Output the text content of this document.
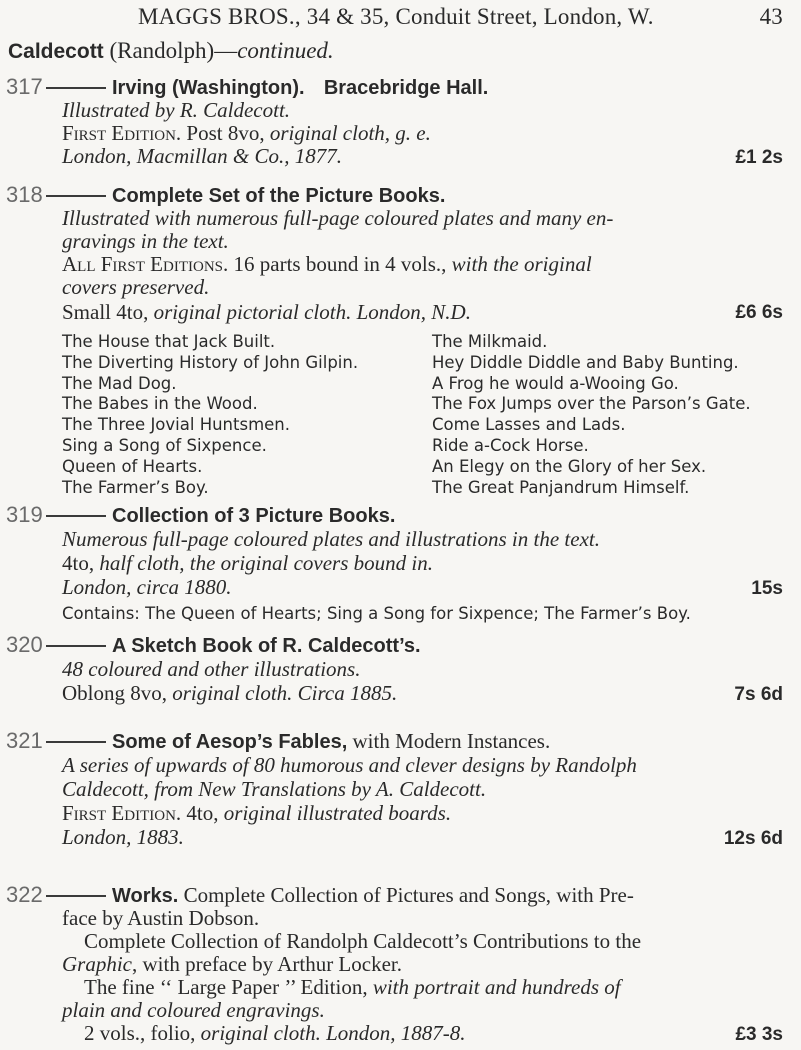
MAGGS BROS., 34 & 35, Conduit Street, London, W.	43
Caldecott (Randolph)—continued.
317	Irving (Washington). Bracebridge Hall.
Illustrated by R. Caldecott.
First Edition. Post 8vo, original cloth, g. e.
London, Macmillan & Co., 1877.	£1 2s
318	Complete Set of the Picture Books.
Illustrated with numerous full-page coloured plates and many en-
gravings in the text.
All First Editions. 16 parts bound in 4 vols., with the original
covers preserved.
Small 4to, original pictorial cloth. London, N.D.	£6 6s
The House that Jack Built.
The Diverting History of John Gilpin.
The Mad Dog.
The Babes in the Wood.
The Three Jovial Huntsmen.
Sing a Song of Sixpence.
Queen of Hearts.
The Farmer’s Boy.
The Milkmaid.
Hey Diddle Diddle and Baby Bunting.
A Frog he would a-Wooing Go.
The Fox Jumps over the Parson’s Gate.
Come Lasses and Lads.
Ride a-Cock Horse.
An Elegy on the Glory of her Sex.
The Great Panjandrum Himself.
319	Collection of 3 Picture Books.
Numerous full-page coloured plates and illustrations in the text.
4to, half cloth, the original covers bound in.
London, circa 1880.	15s
Contains: The Queen of Hearts; Sing a Song for Sixpence; The Farmer’s Boy.
320	A Sketch Book of R. Caldecott’s.
48 coloured and other illustrations.
Oblong 8vo, original cloth. Circa 1885.	7s 6d
321	Some of Aesop’s Fables, with Modern Instances.
A series of upwards of 80 humorous and clever designs by Randolph
Caldecott, from New Translations by A. Caldecott.
First Edition. 4to, original illustrated boards.
London, 1883.	12s 6d
322	Works. Complete Collection of Pictures and Songs, with Pre-
face by Austin Dobson.
Complete Collection of Randolph Caldecott’s Contributions to the
Graphic, with preface by Arthur Locker.
The fine ‘‘ Large Paper ’’ Edition, with portrait and hundreds of
plain and coloured engravings.
2 vols., folio, original cloth. London, 1887-8.	£3 3s
